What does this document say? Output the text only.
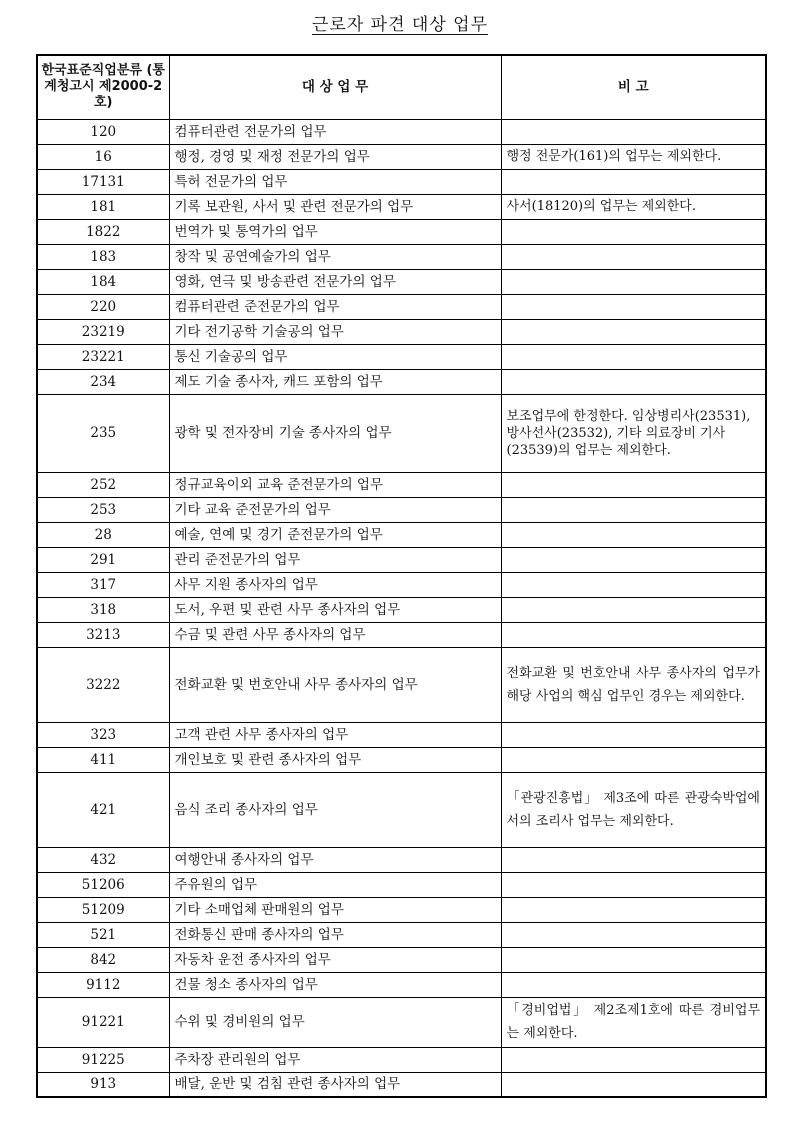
근로자 파견 대상 업무
한국표준직업분류 (통계청고시 제2000-2호)	대 상 업 무	비 고
120	컴퓨터관련 전문가의 업무	
16	행정, 경영 및 재정 전문가의 업무	행정 전문가(161)의 업무는 제외한다.
17131	특허 전문가의 업무	
181	기록 보관원, 사서 및 관련 전문가의 업무	사서(18120)의 업무는 제외한다.
1822	번역가 및 통역가의 업무	
183	창작 및 공연예술가의 업무	
184	영화, 연극 및 방송관련 전문가의 업무	
220	컴퓨터관련 준전문가의 업무	
23219	기타 전기공학 기술공의 업무	
23221	통신 기술공의 업무	
234	제도 기술 종사자, 캐드 포함의 업무	
235	광학 및 전자장비 기술 종사자의 업무	보조업무에 한정한다. 임상병리사(23531), 방사선사(23532), 기타 의료장비 기사(23539)의 업무는 제외한다.
252	정규교육이외 교육 준전문가의 업무	
253	기타 교육 준전문가의 업무	
28	예술, 연예 및 경기 준전문가의 업무	
291	관리 준전문가의 업무	
317	사무 지원 종사자의 업무	
318	도서, 우편 및 관련 사무 종사자의 업무	
3213	수금 및 관련 사무 종사자의 업무	
3222	전화교환 및 번호안내 사무 종사자의 업무	전화교환 및 번호안내 사무 종사자의 업무가 해당 사업의 핵심 업무인 경우는 제외한다.
323	고객 관련 사무 종사자의 업무	
411	개인보호 및 관련 종사자의 업무	
421	음식 조리 종사자의 업무	「관광진흥법」 제3조에 따른 관광숙박업에서의 조리사 업무는 제외한다.
432	여행안내 종사자의 업무	
51206	주유원의 업무	
51209	기타 소매업체 판매원의 업무	
521	전화통신 판매 종사자의 업무	
842	자동차 운전 종사자의 업무	
9112	건물 청소 종사자의 업무	
91221	수위 및 경비원의 업무	「경비업법」 제2조제1호에 따른 경비업무는 제외한다.
91225	주차장 관리원의 업무	
913	배달, 운반 및 검침 관련 종사자의 업무	
